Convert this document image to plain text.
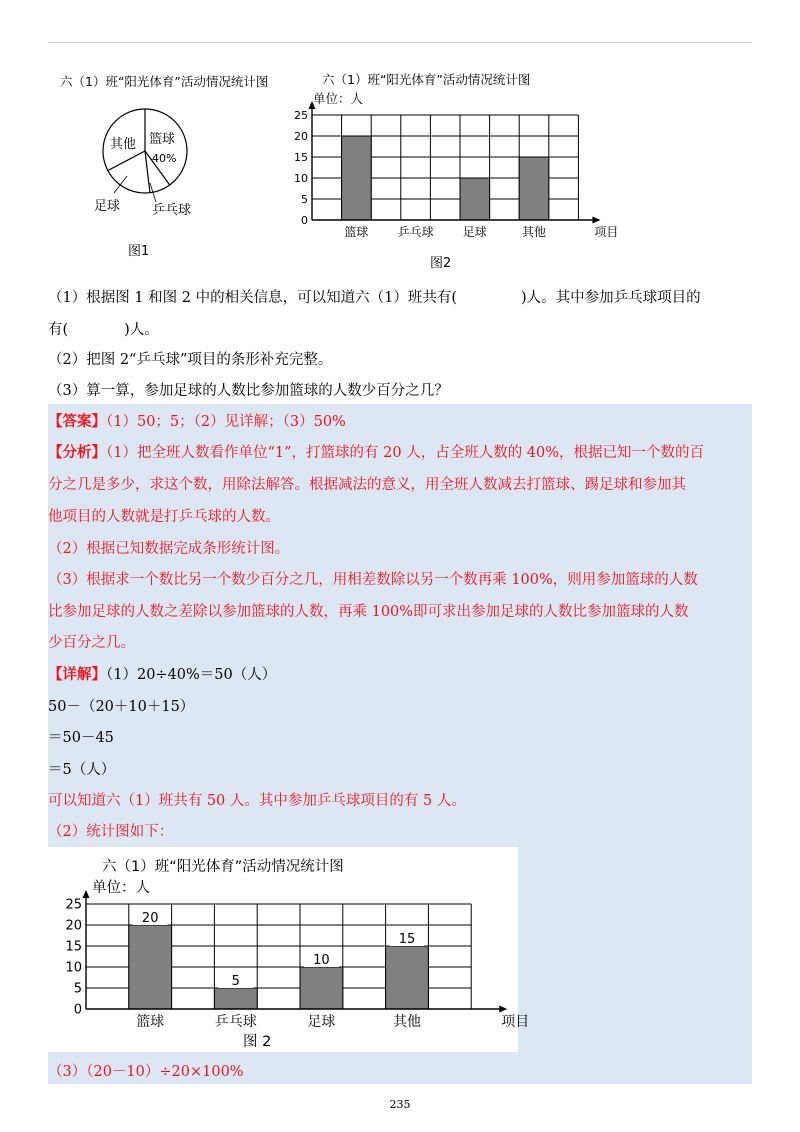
六（1）班“阳光体育”活动情况统计图
其他 篮球
40%
足球 乒乓球
图1
六（1）班“阳光体育”活动情况统计图
单位：人
0
5
10
15
20
25
篮球 乒乓球 足球	其他	项目
图2
（1）根据图 1 和图 2 中的相关信息，可以知道六（1）班共有(	)人。其中参加乒乓球项目的
有(	)人。
（2）把图 2“乒乓球”项目的条形补充完整。
（3）算一算，参加足球的人数比参加篮球的人数少百分之几？
【答案】（1）50；5；（2）见详解；（3）50%
【分析】（1）把全班人数看作单位“1”，打篮球的有 20 人，占全班人数的 40%，根据已知一个数的百
分之几是多少，求这个数，用除法解答。根据减法的意义，用全班人数减去打篮球、踢足球和参加其
他项目的人数就是打乒乓球的人数。
（2）根据已知数据完成条形统计图。
（3）根据求一个数比另一个数少百分之几，用相差数除以另一个数再乘 100%，则用参加篮球的人数
比参加足球的人数之差除以参加篮球的人数，再乘 100%即可求出参加足球的人数比参加篮球的人数
少百分之几。
【详解】（1）20÷40%＝50（人）
50－（20＋10＋15）
＝50－45
＝5（人）
可以知道六（1）班共有 50 人。其中参加乒乓球项目的有 5 人。
（2）统计图如下：
六（1）班“阳光体育”活动情况统计图
单位：人
0
5
10
15
20
25
20
篮球
5
乒乓球
10
足球
15
其他	项目
图 2
（3）（20－10）÷20×100%
235
